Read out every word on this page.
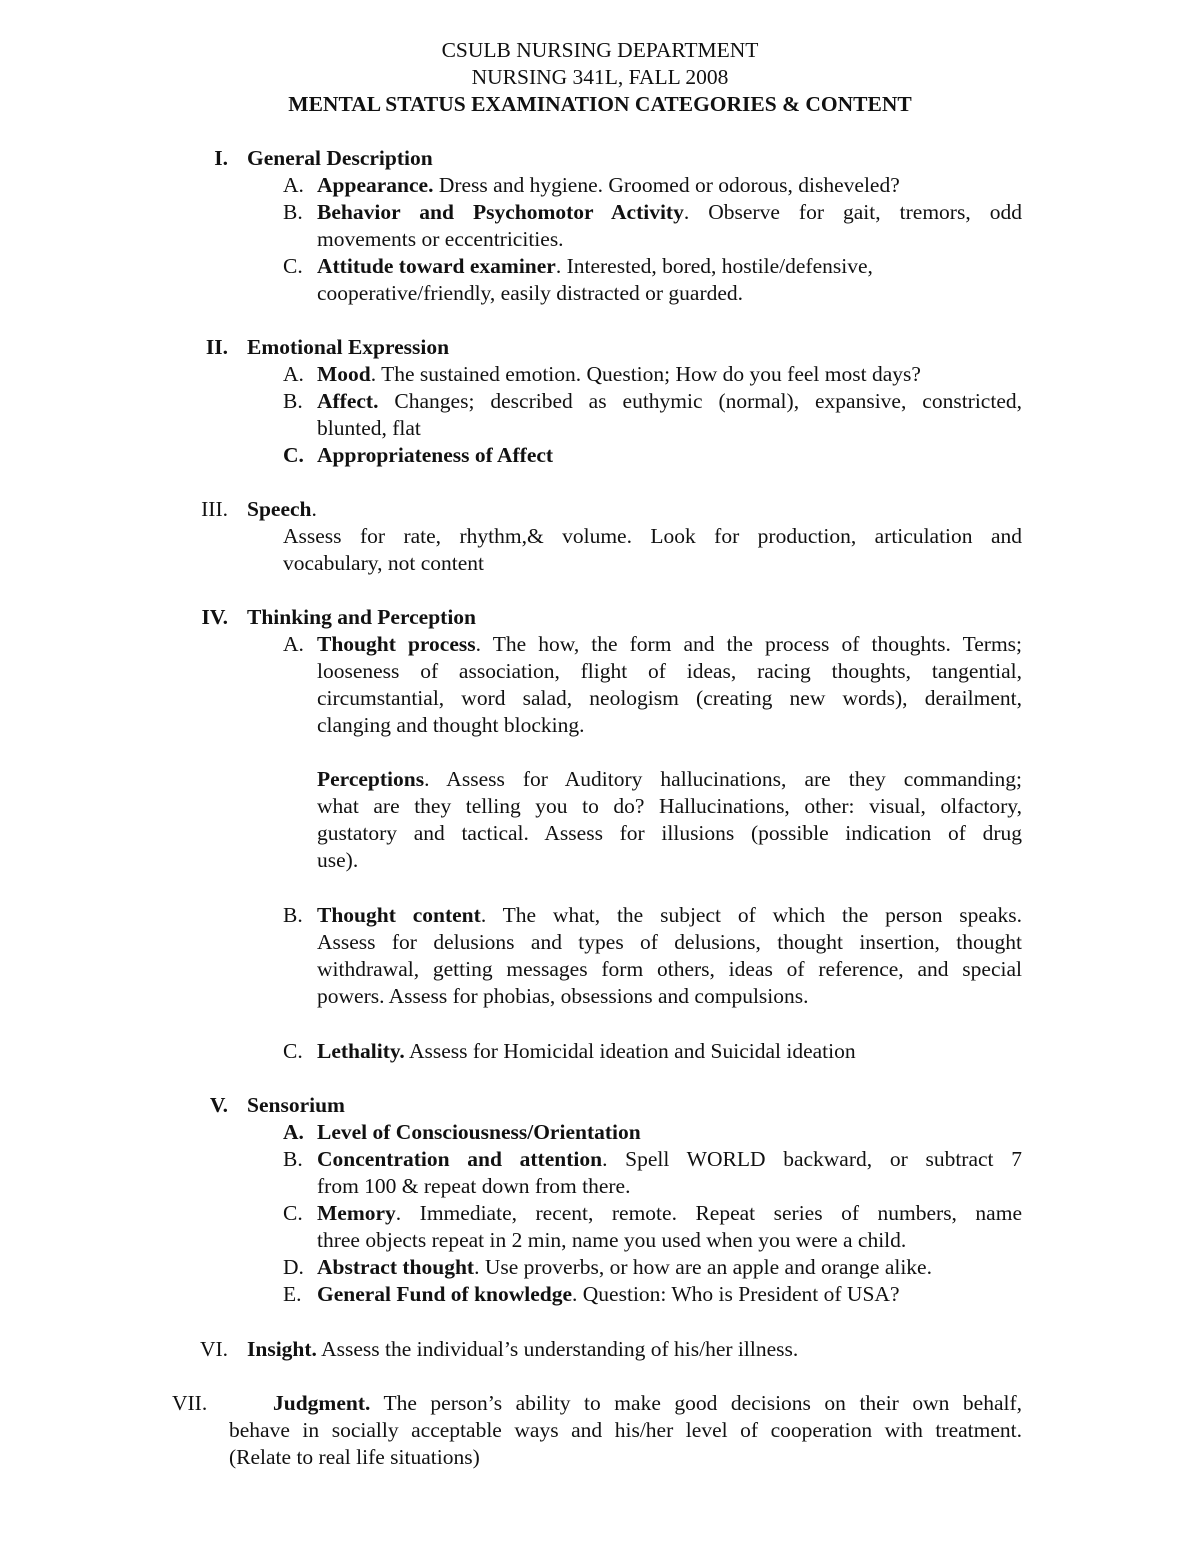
CSULB NURSING DEPARTMENT
NURSING 341L, FALL 2008
MENTAL STATUS EXAMINATION CATEGORIES & CONTENT
I. General Description
A. Appearance. Dress and hygiene. Groomed or odorous, disheveled?
B. Behavior and Psychomotor Activity. Observe for gait, tremors, odd
movements or eccentricities.
C. Attitude toward examiner. Interested, bored, hostile/defensive,
cooperative/friendly, easily distracted or guarded.
II. Emotional Expression
A. Mood. The sustained emotion. Question; How do you feel most days?
B. Affect. Changes; described as euthymic (normal), expansive, constricted,
blunted, flat
C. Appropriateness of Affect
III. Speech.
Assess for rate, rhythm,& volume. Look for production, articulation and
vocabulary, not content
IV. Thinking and Perception
A. Thought process. The how, the form and the process of thoughts. Terms;
looseness of association, flight of ideas, racing thoughts, tangential,
circumstantial, word salad, neologism (creating new words), derailment,
clanging and thought blocking.
Perceptions. Assess for Auditory hallucinations, are they commanding;
what are they telling you to do? Hallucinations, other: visual, olfactory,
gustatory and tactical. Assess for illusions (possible indication of drug
use).
B. Thought content. The what, the subject of which the person speaks.
Assess for delusions and types of delusions, thought insertion, thought
withdrawal, getting messages form others, ideas of reference, and special
powers. Assess for phobias, obsessions and compulsions.
C. Lethality. Assess for Homicidal ideation and Suicidal ideation
V. Sensorium
A. Level of Consciousness/Orientation
B. Concentration and attention. Spell WORLD backward, or subtract 7
from 100 & repeat down from there.
C. Memory. Immediate, recent, remote. Repeat series of numbers, name
three objects repeat in 2 min, name you used when you were a child.
D. Abstract thought. Use proverbs, or how are an apple and orange alike.
E. General Fund of knowledge. Question: Who is President of USA?
VI. Insight. Assess the individual’s understanding of his/her illness.
VII.	Judgment. The person’s ability to make good decisions on their own behalf,
behave in socially acceptable ways and his/her level of cooperation with treatment.
(Relate to real life situations)
